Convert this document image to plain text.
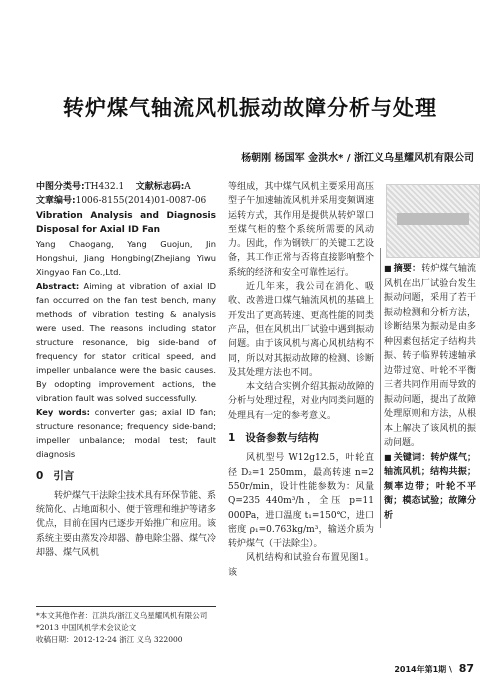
转炉煤气轴流风机振动故障分析与处理
杨朝刚 杨国军 金洪水* / 浙江义乌星耀风机有限公司

中图分类号:TH432.1 文献标志码:A

文章编号:1006-8155(2014)01-0087-06

Vibration Analysis and Diagnosis Disposal for Axial ID Fan

Yang Chaogang, Yang Guojun, Jin Hongshui, Jiang Hongbing(Zhejiang Yiwu Xingyao Fan Co.,Ltd.

Abstract: Aiming at vibration of axial ID fan occurred on the fan test bench, many methods of vibration testing & analysis were used. The reasons including stator structure resonance, big side-band of frequency for stator critical speed, and impeller unbalance were the basic causes. By odopting improvement actions, the vibration fault was solved successfully.

Key words: converter gas; axial ID fan; structure resonance; frequency side-band; impeller unbalance; modal test; fault diagnosis

0 引言

转炉煤气干法除尘技术具有环保节能、系统简化、占地面积小、便于管理和维护等诸多优点，目前在国内已逐步开始推广和应用。该系统主要由蒸发冷却器、静电除尘器、煤气冷却器、煤气风机

等组成，其中煤气风机主要采用高压型子午加速轴流风机并采用变频调速运转方式，其作用是提供从转炉罩口至煤气柜的整个系统所需要的风动力。因此，作为钢铁厂的关键工艺设备，其工作正常与否将直接影响整个系统的经济和安全可靠性运行。

近几年来，我公司在消化、吸收、改善进口煤气轴流风机的基础上开发出了更高转速、更高性能的同类产品，但在风机出厂试验中遇到振动问题。由于该风机与离心风机结构不同，所以对其振动故障的检测、诊断及其处理方法也不同。

本文结合实例介绍其振动故障的分析与处理过程，对业内同类问题的处理具有一定的参考意义。

1 设备参数与结构

风机型号 W12g12.5，叶轮直径 D₂=1 250mm，最高转速 n=2 550r/min，设计性能参数为：风量 Q=235 440m³/h，全压 p=11 000Pa，进口温度 t₁=150℃，进口密度 ρ₁=0.763kg/m³，输送介质为转炉煤气（干法除尘）。

风机结构和试验台布置见图1。该

■ 摘要：转炉煤气轴流风机在出厂试验台发生振动问题，采用了若干振动检测和分析方法，诊断结果为振动是由多种因素包括定子结构共振、转子临界转速轴承边带过宽、叶轮不平衡三者共同作用而导致的振动问题，提出了故障处理原则和方法，从根本上解决了该风机的振动问题。

■ 关键词：转炉煤气；轴流风机；结构共振；频率边带；叶轮不平衡；模态试验；故障分析

*本文其他作者：江洪兵/浙江义乌星耀风机有限公司
*2013 中国风机学术会议论文
收稿日期：2012-12-24 浙江 义乌 322000
2014年第1期 \ 87
